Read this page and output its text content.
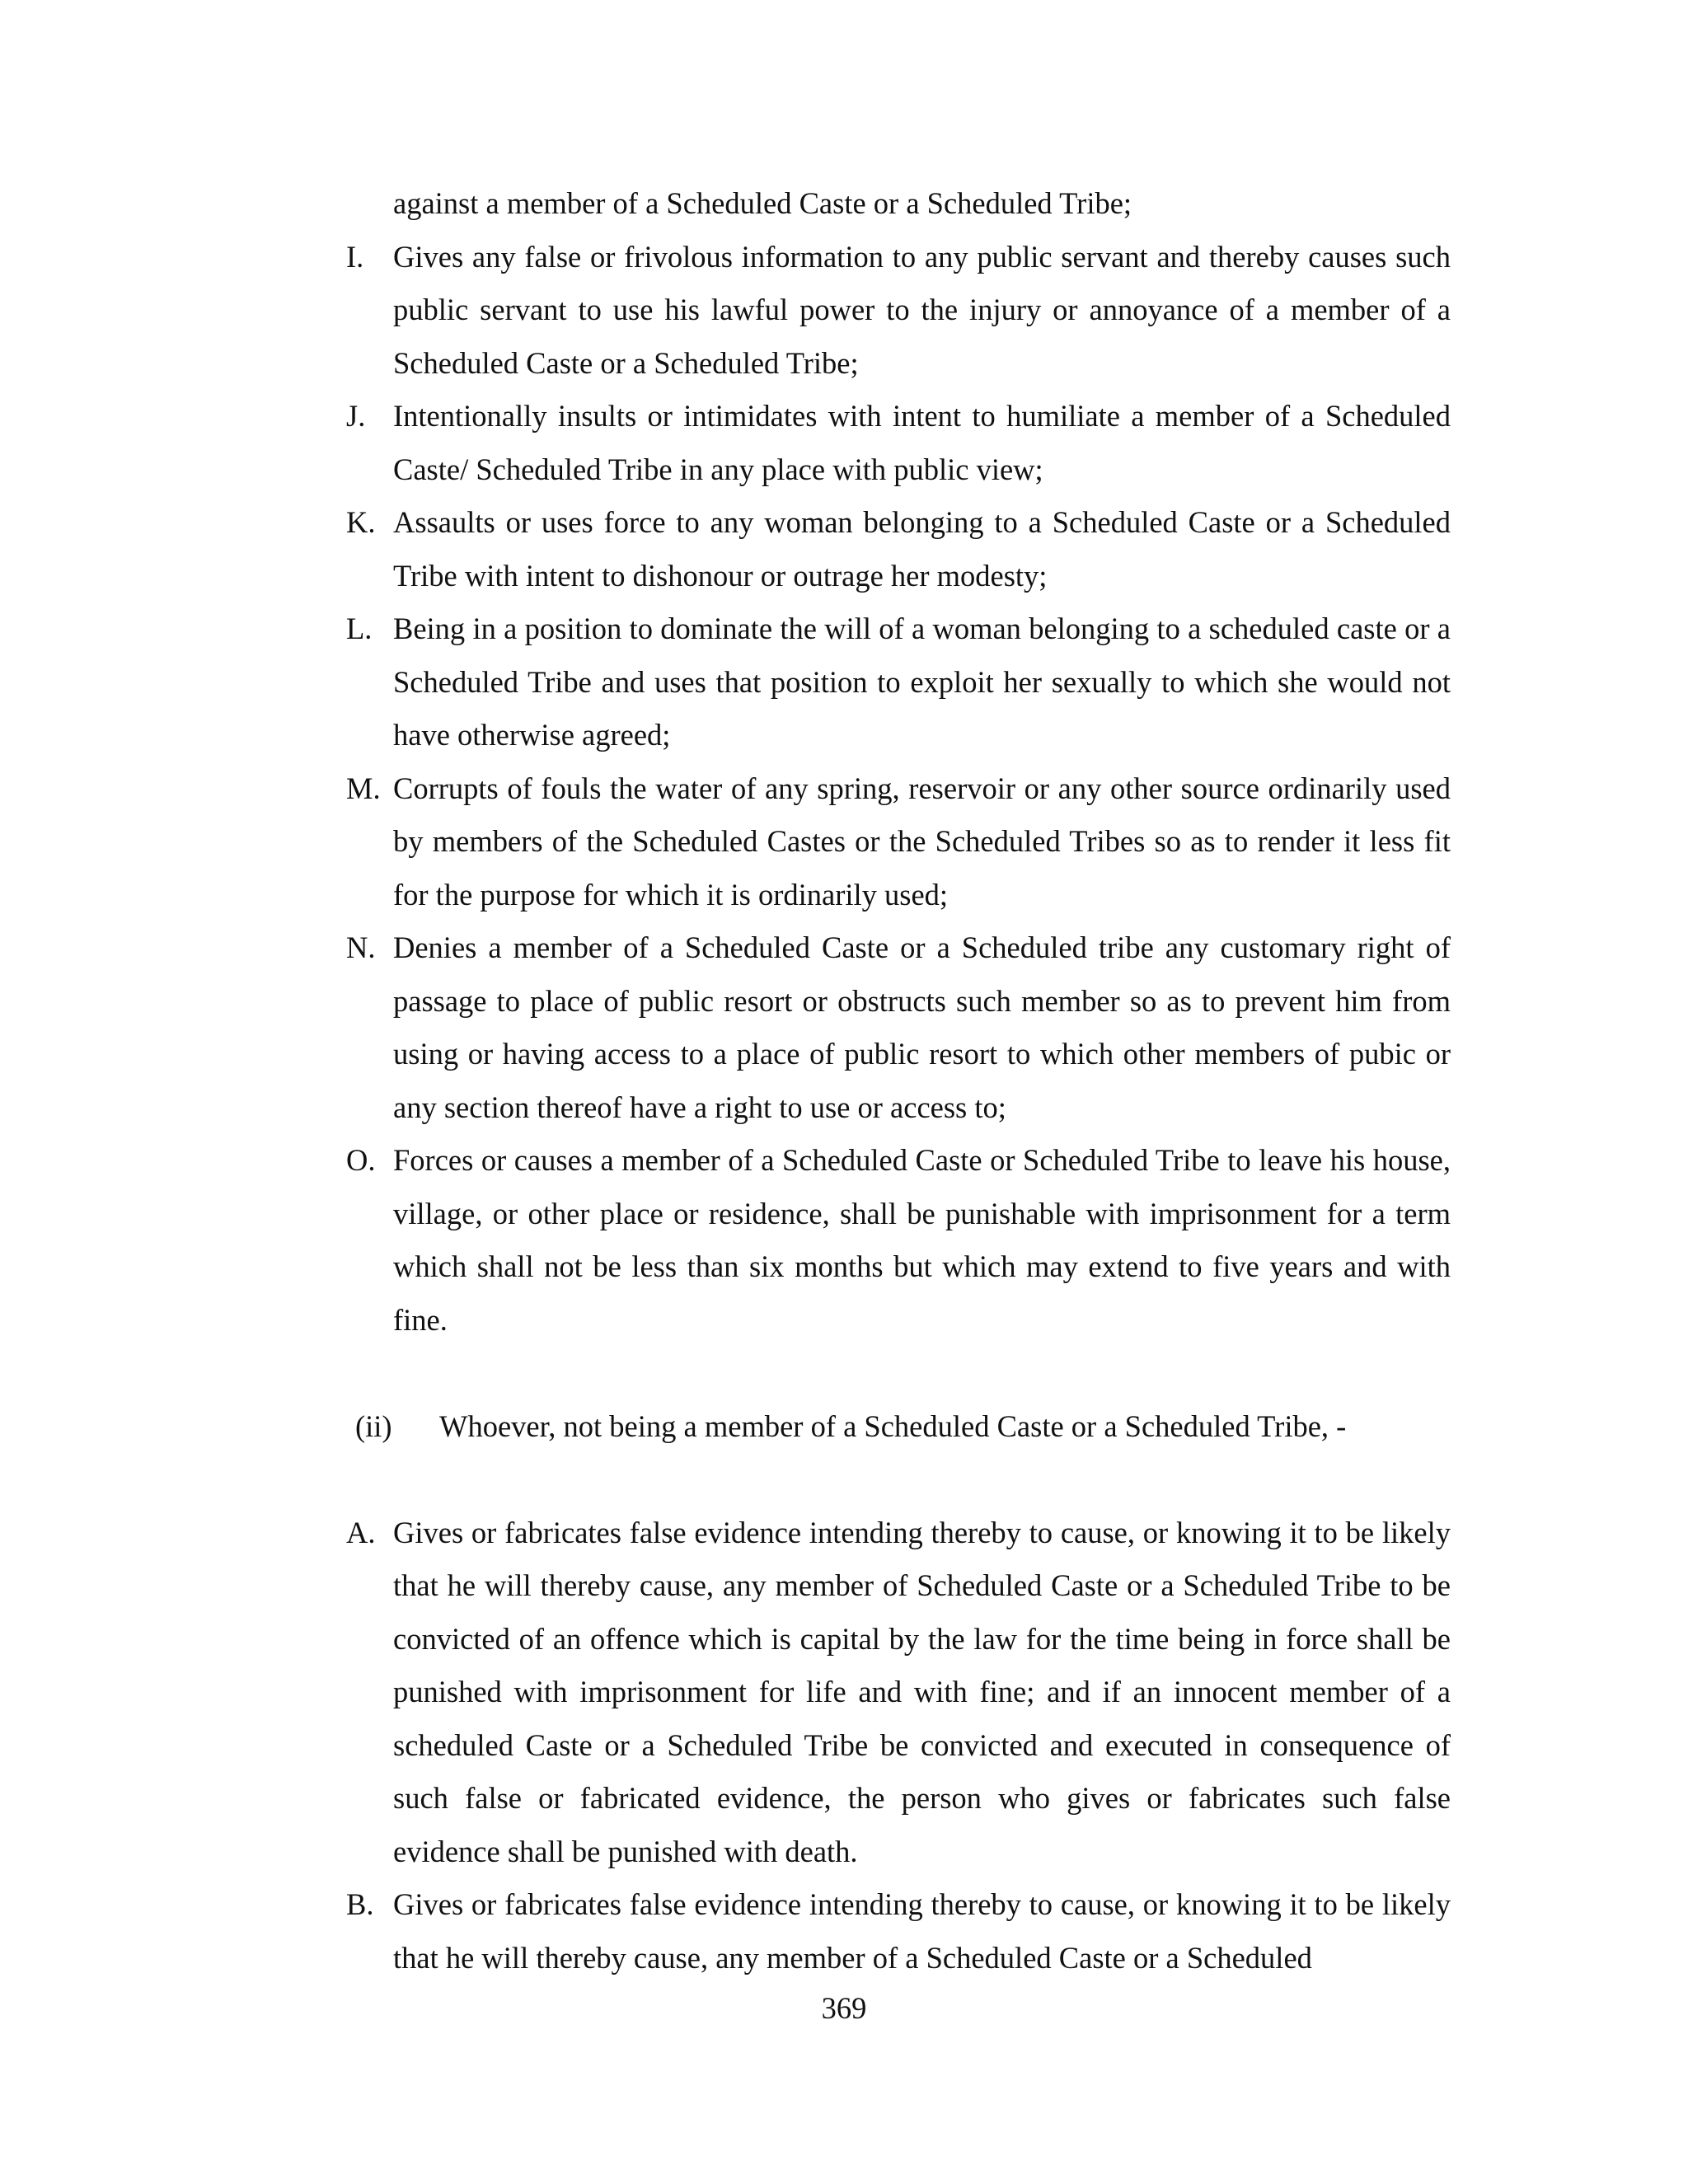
against a member of a Scheduled Caste or a Scheduled Tribe;
I. Gives any false or frivolous information to any public servant and thereby causes such public servant to use his lawful power to the injury or annoyance of a member of a Scheduled Caste or a Scheduled Tribe;
J. Intentionally insults or intimidates with intent to humiliate a member of a Scheduled Caste/ Scheduled Tribe in any place with public view;
K. Assaults or uses force to any woman belonging to a Scheduled Caste or a Scheduled Tribe with intent to dishonour or outrage her modesty;
L. Being in a position to dominate the will of a woman belonging to a scheduled caste or a Scheduled Tribe and uses that position to exploit her sexually to which she would not have otherwise agreed;
M. Corrupts of fouls the water of any spring, reservoir or any other source ordinarily used by members of the Scheduled Castes or the Scheduled Tribes so as to render it less fit for the purpose for which it is ordinarily used;
N. Denies a member of a Scheduled Caste or a Scheduled tribe any customary right of passage to place of public resort or obstructs such member so as to prevent him from using or having access to a place of public resort to which other members of pubic or any section thereof have a right to use or access to;
O. Forces or causes a member of a Scheduled Caste or Scheduled Tribe to leave his house, village, or other place or residence, shall be punishable with imprisonment for a term which shall not be less than six months but which may extend to five years and with fine.
(ii) Whoever, not being a member of a Scheduled Caste or a Scheduled Tribe, -
A. Gives or fabricates false evidence intending thereby to cause, or knowing it to be likely that he will thereby cause, any member of Scheduled Caste or a Scheduled Tribe to be convicted of an offence which is capital by the law for the time being in force shall be punished with imprisonment for life and with fine; and if an innocent member of a scheduled Caste or a Scheduled Tribe be convicted and executed in consequence of such false or fabricated evidence, the person who gives or fabricates such false evidence shall be punished with death.
B. Gives or fabricates false evidence intending thereby to cause, or knowing it to be likely that he will thereby cause, any member of a Scheduled Caste or a Scheduled
369
